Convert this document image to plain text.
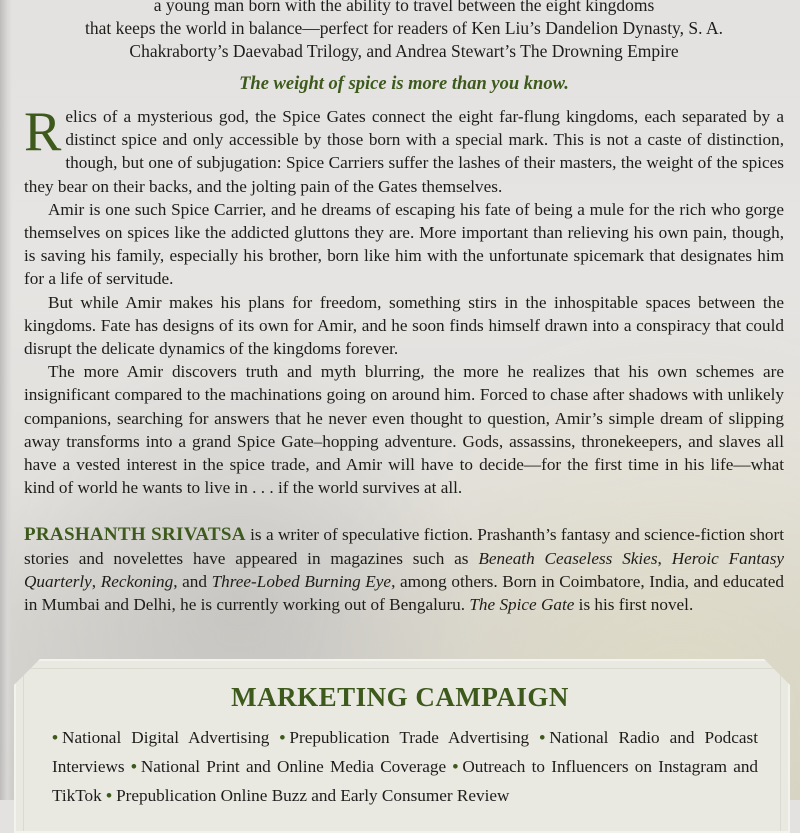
a young man born with the ability to travel between the eight kingdoms
that keeps the world in balance—perfect for readers of Ken Liu’s Dandelion Dynasty, S. A.
Chakraborty’s Daevabad Trilogy, and Andrea Stewart’s The Drowning Empire
The weight of spice is more than you know.

Relics of a mysterious god, the Spice Gates connect the eight far-flung kingdoms, each separated by a distinct spice and only accessible by those born with a special mark. This is not a caste of distinction, though, but one of subjugation: Spice Carriers suffer the lashes of their masters, the weight of the spices they bear on their backs, and the jolting pain of the Gates themselves.

Amir is one such Spice Carrier, and he dreams of escaping his fate of being a mule for the rich who gorge themselves on spices like the addicted gluttons they are. More important than relieving his own pain, though, is saving his family, especially his brother, born like him with the unfortunate spicemark that designates him for a life of servitude.

But while Amir makes his plans for freedom, something stirs in the inhospitable spaces between the kingdoms. Fate has designs of its own for Amir, and he soon finds himself drawn into a conspiracy that could disrupt the delicate dynamics of the kingdoms forever.

The more Amir discovers truth and myth blurring, the more he realizes that his own schemes are insignificant compared to the machinations going on around him. Forced to chase after shadows with unlikely companions, searching for answers that he never even thought to question, Amir’s simple dream of slipping away transforms into a grand Spice Gate–hopping adventure. Gods, assassins, thronekeepers, and slaves all have a vested interest in the spice trade, and Amir will have to decide—for the first time in his life—what kind of world he wants to live in . . . if the world survives at all.

PRASHANTH SRIVATSA is a writer of speculative fiction. Prashanth’s fantasy and science-fiction short stories and novelettes have appeared in magazines such as Beneath Ceaseless Skies, Heroic Fantasy Quarterly, Reckoning, and Three-Lobed Burning Eye, among others. Born in Coimbatore, India, and educated in Mumbai and Delhi, he is currently working out of Bengaluru. The Spice Gate is his first novel.
MARKETING CAMPAIGN
• National Digital Advertising • Prepublication Trade Advertising • National Radio and Podcast Interviews • National Print and Online Media Coverage • Outreach to Influencers on Instagram and TikTok • Prepublication Online Buzz and Early Consumer Review
